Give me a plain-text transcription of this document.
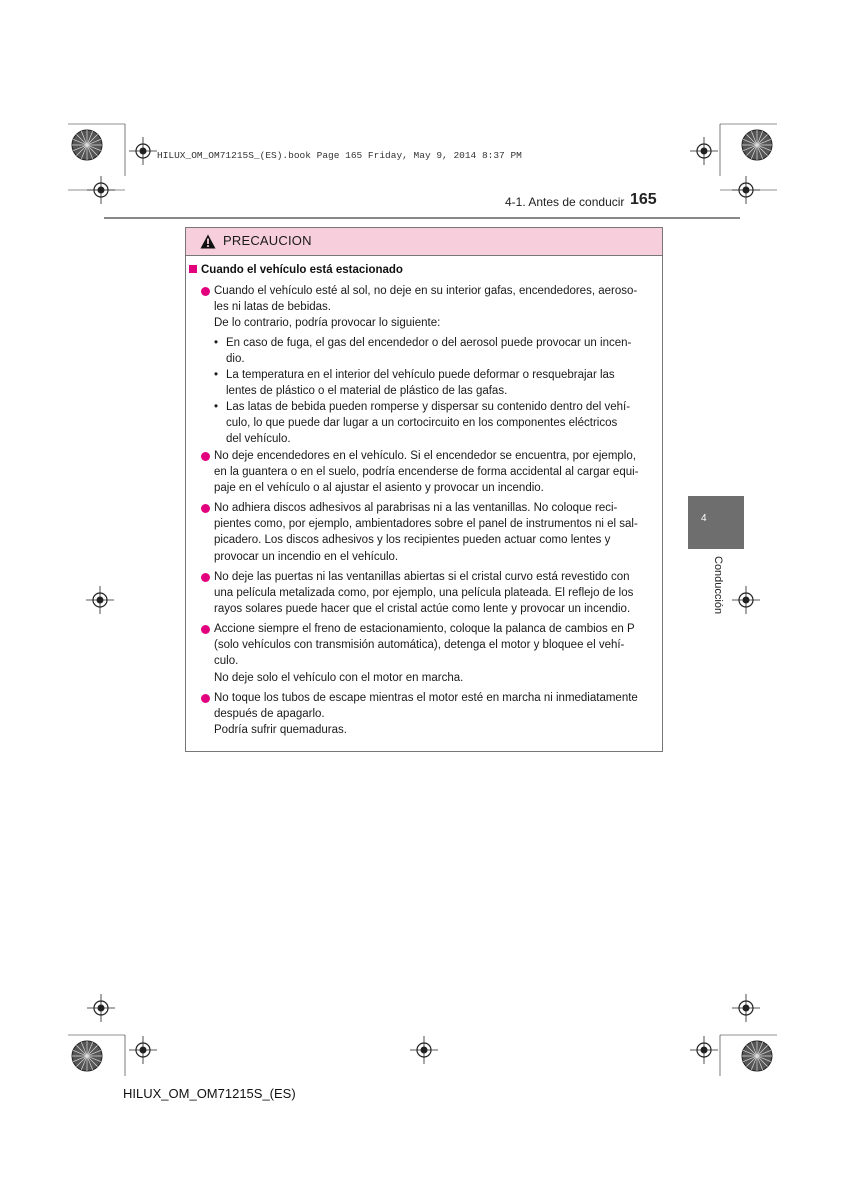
HILUX_OM_OM71215S_(ES).book Page 165 Friday, May 9, 2014 8:37 PM
4-1. Antes de conducir 165
PRECAUCION
Cuando el vehículo está estacionado
Cuando el vehículo esté al sol, no deje en su interior gafas, encendedores, aeroso-
les ni latas de bebidas.
De lo contrario, podría provocar lo siguiente:
• En caso de fuga, el gas del encendedor o del aerosol puede provocar un incen-
dio.
• La temperatura en el interior del vehículo puede deformar o resquebrajar las
lentes de plástico o el material de plástico de las gafas.
• Las latas de bebida pueden romperse y dispersar su contenido dentro del vehí-
culo, lo que puede dar lugar a un cortocircuito en los componentes eléctricos
del vehículo.
No deje encendedores en el vehículo. Si el encendedor se encuentra, por ejemplo,
en la guantera o en el suelo, podría encenderse de forma accidental al cargar equi-
paje en el vehículo o al ajustar el asiento y provocar un incendio.
No adhiera discos adhesivos al parabrisas ni a las ventanillas. No coloque reci-
pientes como, por ejemplo, ambientadores sobre el panel de instrumentos ni el sal-
picadero. Los discos adhesivos y los recipientes pueden actuar como lentes y
provocar un incendio en el vehículo.
No deje las puertas ni las ventanillas abiertas si el cristal curvo está revestido con
una película metalizada como, por ejemplo, una película plateada. El reflejo de los
rayos solares puede hacer que el cristal actúe como lente y provocar un incendio.
Accione siempre el freno de estacionamiento, coloque la palanca de cambios en P
(solo vehículos con transmisión automática), detenga el motor y bloquee el vehí-
culo.
No deje solo el vehículo con el motor en marcha.
No toque los tubos de escape mientras el motor esté en marcha ni inmediatamente
después de apagarlo.
Podría sufrir quemaduras.
4
Conducción
HILUX_OM_OM71215S_(ES)
